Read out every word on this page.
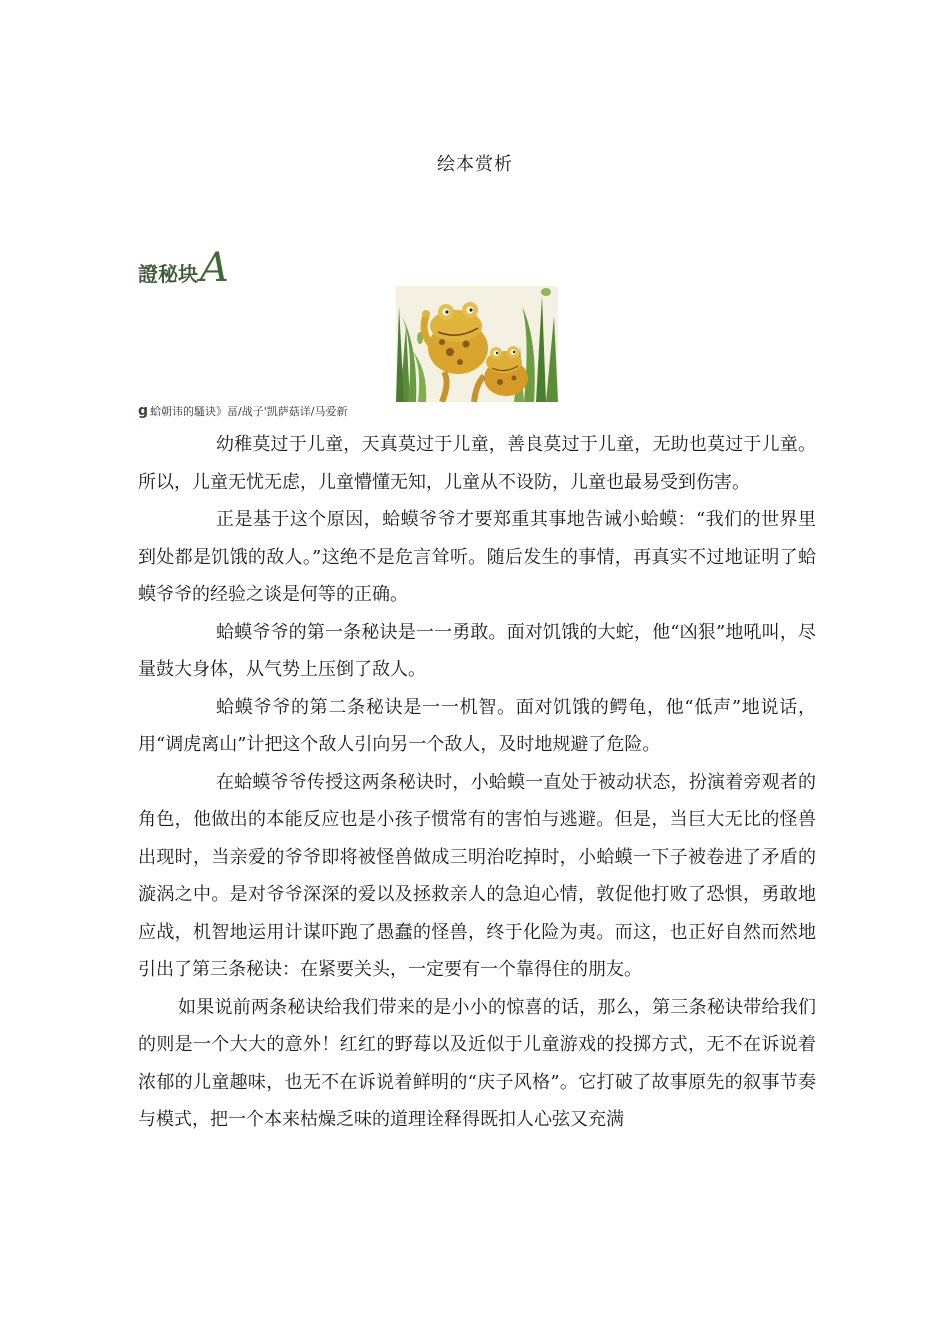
绘本赏析
證秘块A
g 蛤朝讳的騷诀》畐/战子'凯萨菇详/马爱新

幼稚莫过于儿童，天真莫过于儿童，善良莫过于儿童，无助也莫过于儿童。所以，儿童无忧无虑，儿童懵懂无知，儿童从不设防，儿童也最易受到伤害。

正是基于这个原因，蛤蟆爷爷才要郑重其事地告诫小蛤蟆：“我们的世界里到处都是饥饿的敌人。”这绝不是危言耸听。随后发生的事情，再真实不过地证明了蛤蟆爷爷的经验之谈是何等的正确。

蛤蟆爷爷的第一条秘诀是一一勇敢。面对饥饿的大蛇，他“凶狠”地吼叫，尽量鼓大身体，从气势上压倒了敌人。

蛤蟆爷爷的第二条秘诀是一一机智。面对饥饿的鳄龟，他“低声”地说话，用“调虎离山”计把这个敌人引向另一个敌人，及时地规避了危险。

在蛤蟆爷爷传授这两条秘诀时，小蛤蟆一直处于被动状态，扮演着旁观者的角色，他做出的本能反应也是小孩子惯常有的害怕与逃避。但是，当巨大无比的怪兽出现时，当亲爱的爷爷即将被怪兽做成三明治吃掉时，小蛤蟆一下子被卷进了矛盾的漩涡之中。是对爷爷深深的爱以及拯救亲人的急迫心情，敦促他打败了恐惧，勇敢地应战，机智地运用计谋吓跑了愚蠢的怪兽，终于化险为夷。而这，也正好自然而然地引出了第三条秘诀：在紧要关头，一定要有一个靠得住的朋友。

如果说前两条秘诀给我们带来的是小小的惊喜的话，那么，第三条秘诀带给我们的则是一个大大的意外！红红的野莓以及近似于儿童游戏的投掷方式，无不在诉说着浓郁的儿童趣味，也无不在诉说着鲜明的“庆子风格”。它打破了故事原先的叙事节奏与模式，把一个本来枯燥乏味的道理诠释得既扣人心弦又充满
